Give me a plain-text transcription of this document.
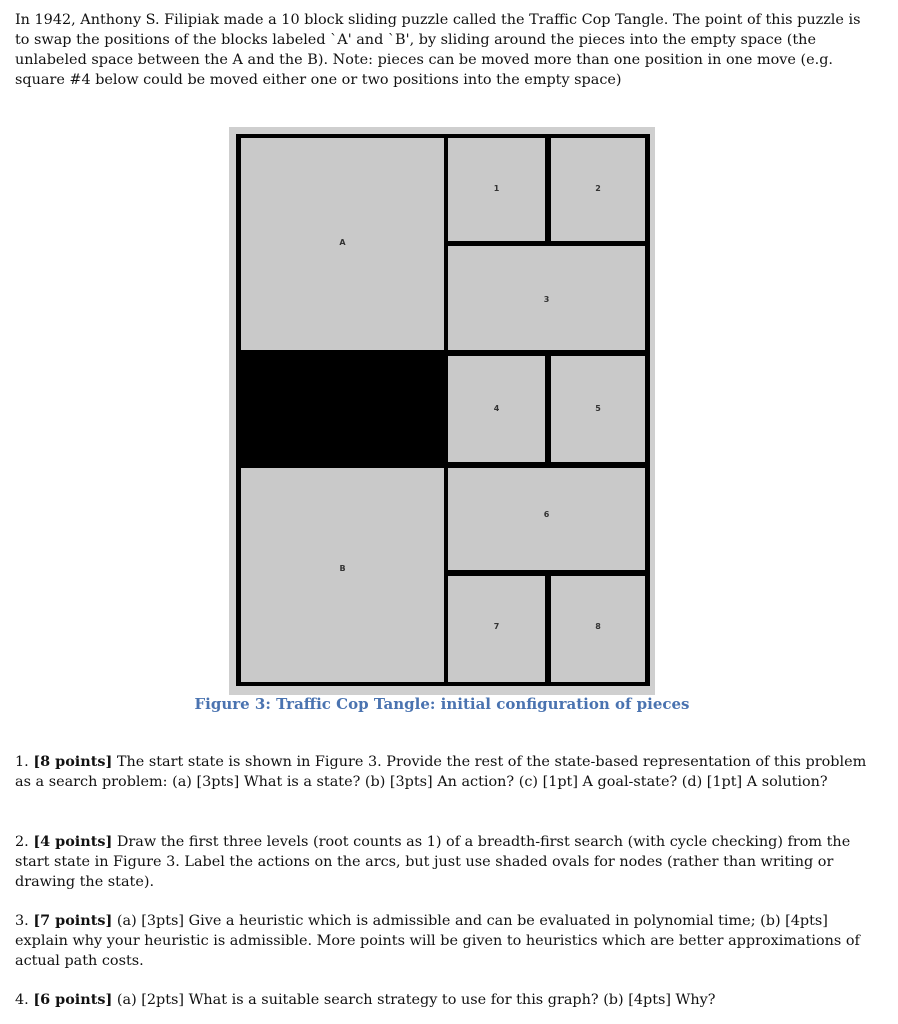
In 1942, Anthony S. Filipiak made a 10 block sliding puzzle called the Traffic Cop Tangle. The point of this puzzle is to swap the positions of the blocks labeled `A' and `B', by sliding around the pieces into the empty space (the unlabeled space between the A and the B). Note: pieces can be moved more than one position in one move (e.g. square #4 below could be moved either one or two positions into the empty space)

A
1	2
3
4	5
6
B
7	8

Figure 3: Traffic Cop Tangle: initial configuration of pieces

1. [8 points] The start state is shown in Figure 3. Provide the rest of the state-based representation of this problem as a search problem: (a) [3pts] What is a state? (b) [3pts] An action? (c) [1pt] A goal-state? (d) [1pt] A solution?

2. [4 points] Draw the first three levels (root counts as 1) of a breadth-first search (with cycle checking) from the start state in Figure 3. Label the actions on the arcs, but just use shaded ovals for nodes (rather than writing or drawing the state).

3. [7 points] (a) [3pts] Give a heuristic which is admissible and can be evaluated in polynomial time; (b) [4pts] explain why your heuristic is admissible. More points will be given to heuristics which are better approximations of actual path costs.

4. [6 points] (a) [2pts] What is a suitable search strategy to use for this graph? (b) [4pts] Why?
